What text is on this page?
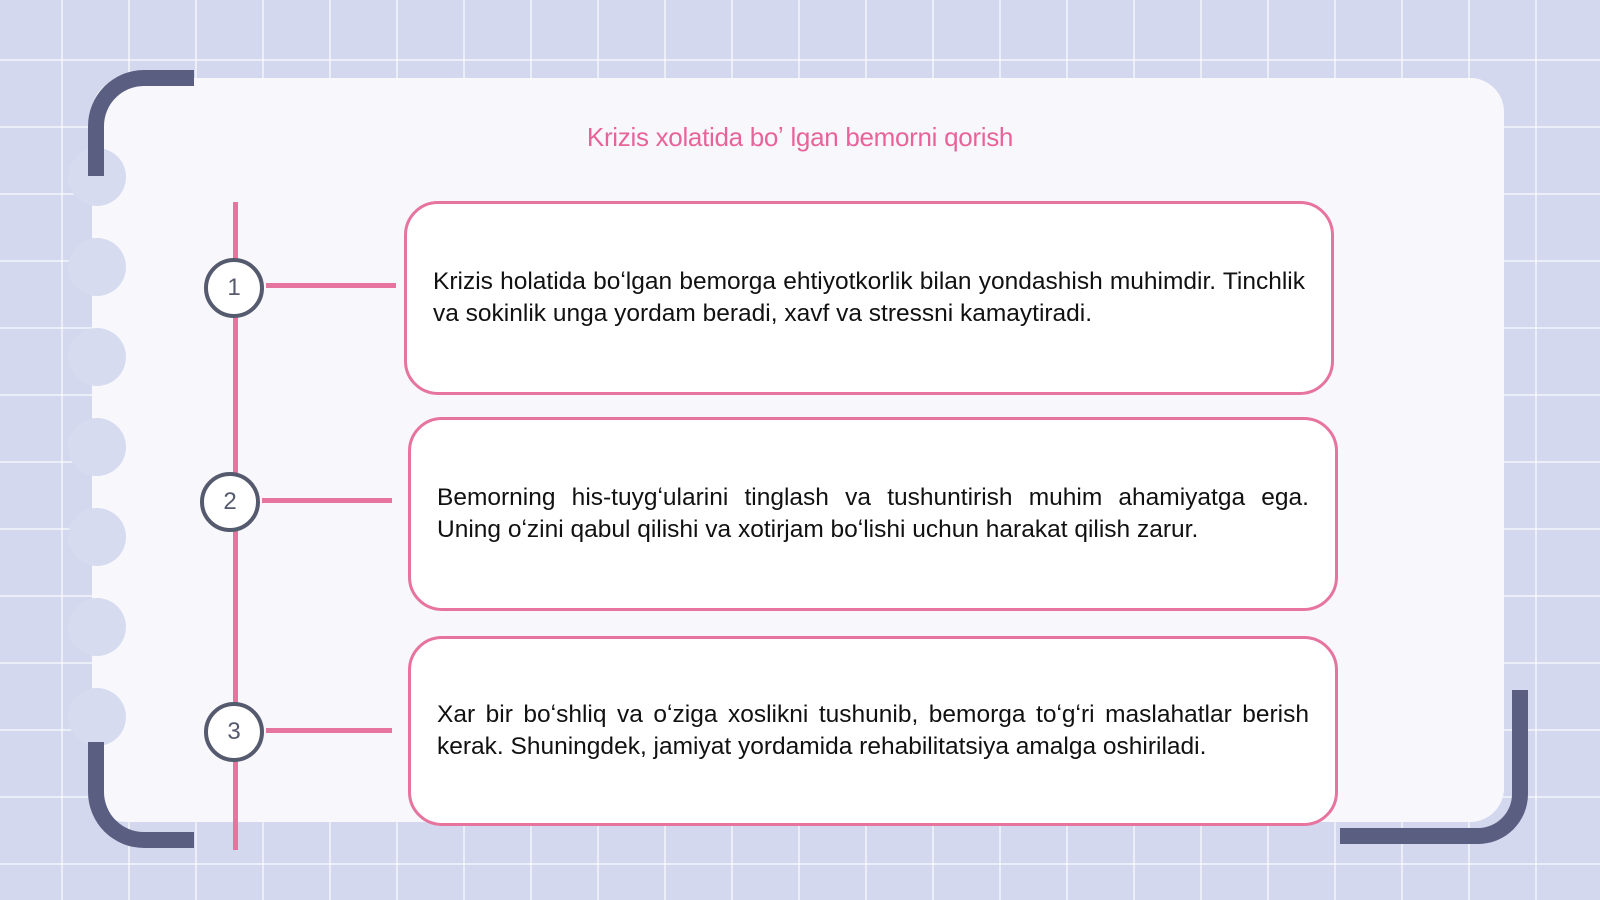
Krizis xolatida boʼ lgan bemorni qorish
1	Krizis holatida boʻlgan bemorga ehtiyotkorlik bilan yondashish muhimdir. Tinchlik va sokinlik unga yordam beradi, xavf va stressni kamaytiradi.
2	Bemorning his-tuygʻularini tinglash va tushuntirish muhim ahamiyatga ega. Uning oʻzini qabul qilishi va xotirjam boʻlishi uchun harakat qilish zarur.
3
Xar bir boʻshliq va oʻziga xoslikni tushunib, bemorga toʻgʻri maslahatlar berish kerak. Shuningdek, jamiyat yordamida rehabilitatsiya amalga oshiriladi.
